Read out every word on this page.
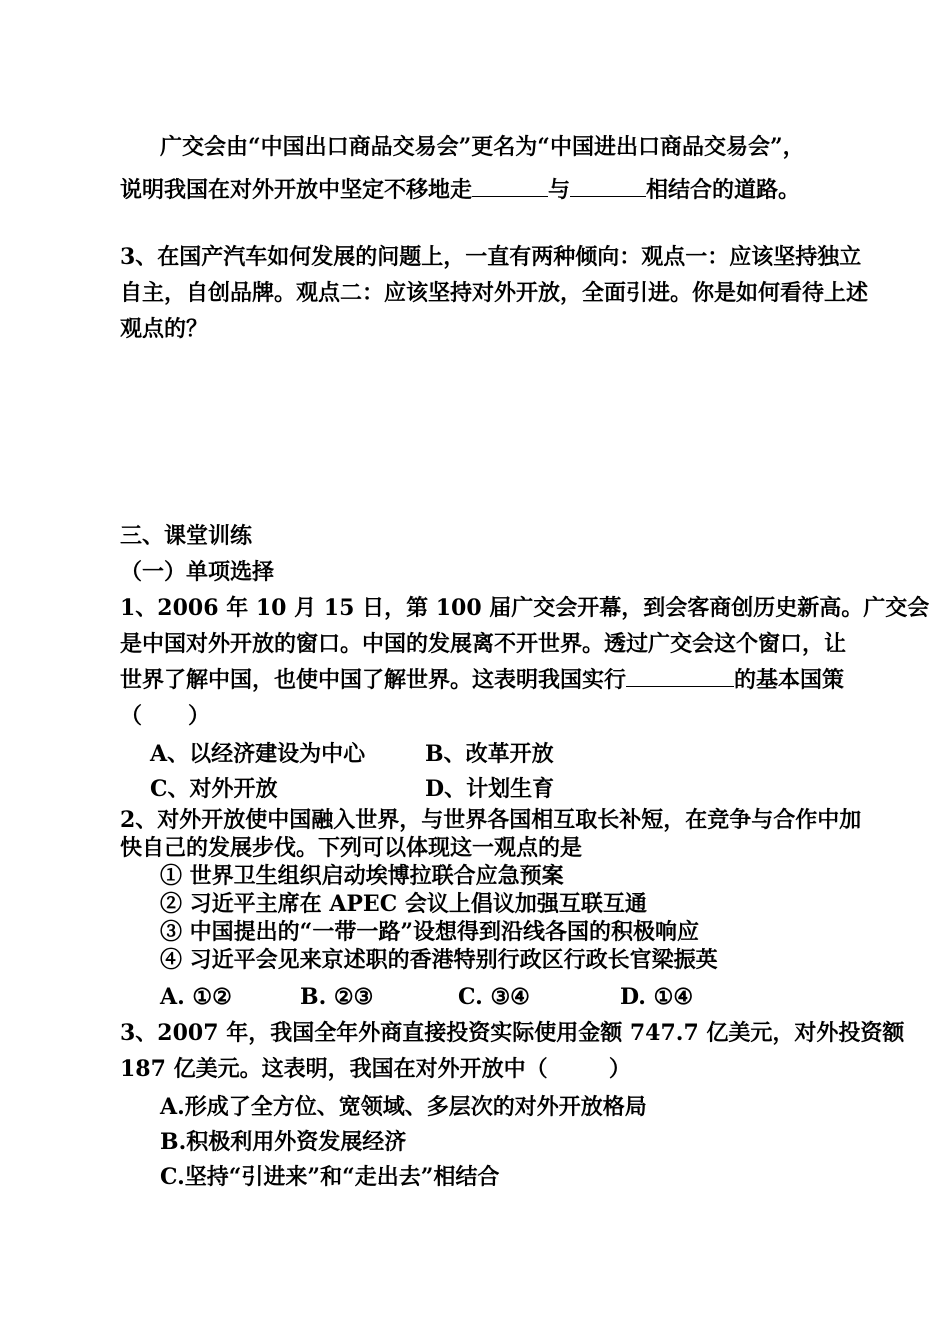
广交会由“中国出口商品交易会”更名为“中国进出口商品交易会”，
说明我国在对外开放中坚定不移地走	与	相结合的道路。
3、在国产汽车如何发展的问题上，一直有两种倾向：观点一：应该坚持独立
自主，自创品牌。观点二：应该坚持对外开放，全面引进。你是如何看待上述
观点的？
三、课堂训练
（一）单项选择
1、2006 年 10 月 15 日，第 100 届广交会开幕，到会客商创历史新高。广交会
是中国对外开放的窗口。中国的发展离不开世界。透过广交会这个窗口，让
世界了解中国，也使中国了解世界。这表明我国实行	的基本国策
（      ）
A、以经济建设为中心	B、改革开放
C、对外开放	D、计划生育
2、对外开放使中国融入世界，与世界各国相互取长补短，在竞争与合作中加
快自己的发展步伐。下列可以体现这一观点的是
① 世界卫生组织启动埃博拉联合应急预案
② 习近平主席在 APEC 会议上倡议加强互联互通
③ 中国提出的“一带一路”设想得到沿线各国的积极响应
④ 习近平会见来京述职的香港特别行政区行政长官梁振英
A. ①②	B. ②③	C. ③④	D. ①④
3、2007 年，我国全年外商直接投资实际使用金额 747.7 亿美元，对外投资额
187 亿美元。这表明，我国在对外开放中（        ）
A.形成了全方位、宽领域、多层次的对外开放格局
B.积极利用外资发展经济
C.坚持“引进来”和“走出去”相结合
